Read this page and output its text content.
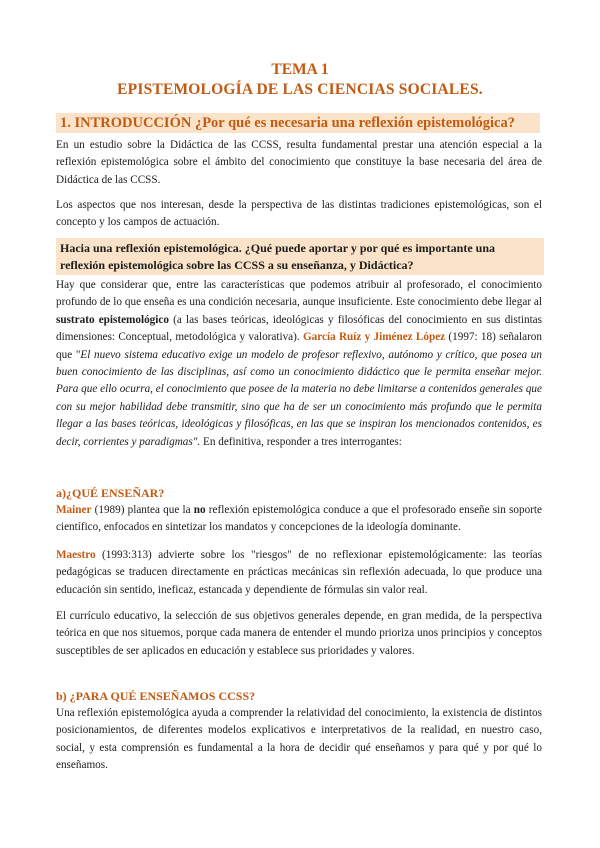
TEMA 1
EPISTEMOLOGÍA DE LAS CIENCIAS SOCIALES.
1. INTRODUCCIÓN ¿Por qué es necesaria una reflexión epistemológica?
En un estudio sobre la Didáctica de las CCSS, resulta fundamental prestar una atención especial a la reflexión epistemológica sobre el ámbito del conocimiento que constituye la base necesaria del área de Didáctica de las CCSS.
Los aspectos que nos interesan, desde la perspectiva de las distintas tradiciones epistemológicas, son el concepto y los campos de actuación.
Hacia una reflexión epistemológica. ¿Qué puede aportar y por qué es importante una reflexión epistemológica sobre las CCSS a su enseñanza, y Didáctica?
Hay que considerar que, entre las características que podemos atribuir al profesorado, el conocimiento profundo de lo que enseña es una condición necesaria, aunque insuficiente. Este conocimiento debe llegar al sustrato epistemológico (a las bases teóricas, ideológicas y filosóficas del conocimiento en sus distintas dimensiones: Conceptual, metodológica y valorativa). García Ruíz y Jiménez López (1997: 18) señalaron que "El nuevo sistema educativo exige un modelo de profesor reflexivo, autónomo y crítico, que posea un buen conocimiento de las disciplinas, así como un conocimiento didáctico que le permita enseñar mejor. Para que ello ocurra, el conocimiento que posee de la materia no debe limitarse a contenidos generales que con su mejor habilidad debe transmitir, sino que ha de ser un conocimiento más profundo que le permita llegar a las bases teóricas, ideológicas y filosóficas, en las que se inspiran los mencionados contenidos, es decir, corrientes y paradigmas". En definitiva, responder a tres interrogantes:
a)¿QUÉ ENSEÑAR?
Mainer (1989) plantea que la no reflexión epistemológica conduce a que el profesorado enseñe sin soporte científico, enfocados en sintetizar los mandatos y concepciones de la ideología dominante.
Maestro (1993:313) advierte sobre los "riesgos" de no reflexionar epistemológicamente: las teorías pedagógicas se traducen directamente en prácticas mecánicas sin reflexión adecuada, lo que produce una educación sin sentido, ineficaz, estancada y dependiente de fórmulas sin valor real.
El currículo educativo, la selección de sus objetivos generales depende, en gran medida, de la perspectiva teórica en que nos situemos, porque cada manera de entender el mundo prioriza unos principios y conceptos susceptibles de ser aplicados en educación y establece sus prioridades y valores.
b) ¿PARA QUÉ ENSEÑAMOS CCSS?
Una reflexión epistemológica ayuda a comprender la relatividad del conocimiento, la existencia de distintos posicionamientos, de diferentes modelos explicativos e interpretativos de la realidad, en nuestro caso, social, y esta comprensión es fundamental a la hora de decidir qué enseñamos y para qué y por qué lo enseñamos.
